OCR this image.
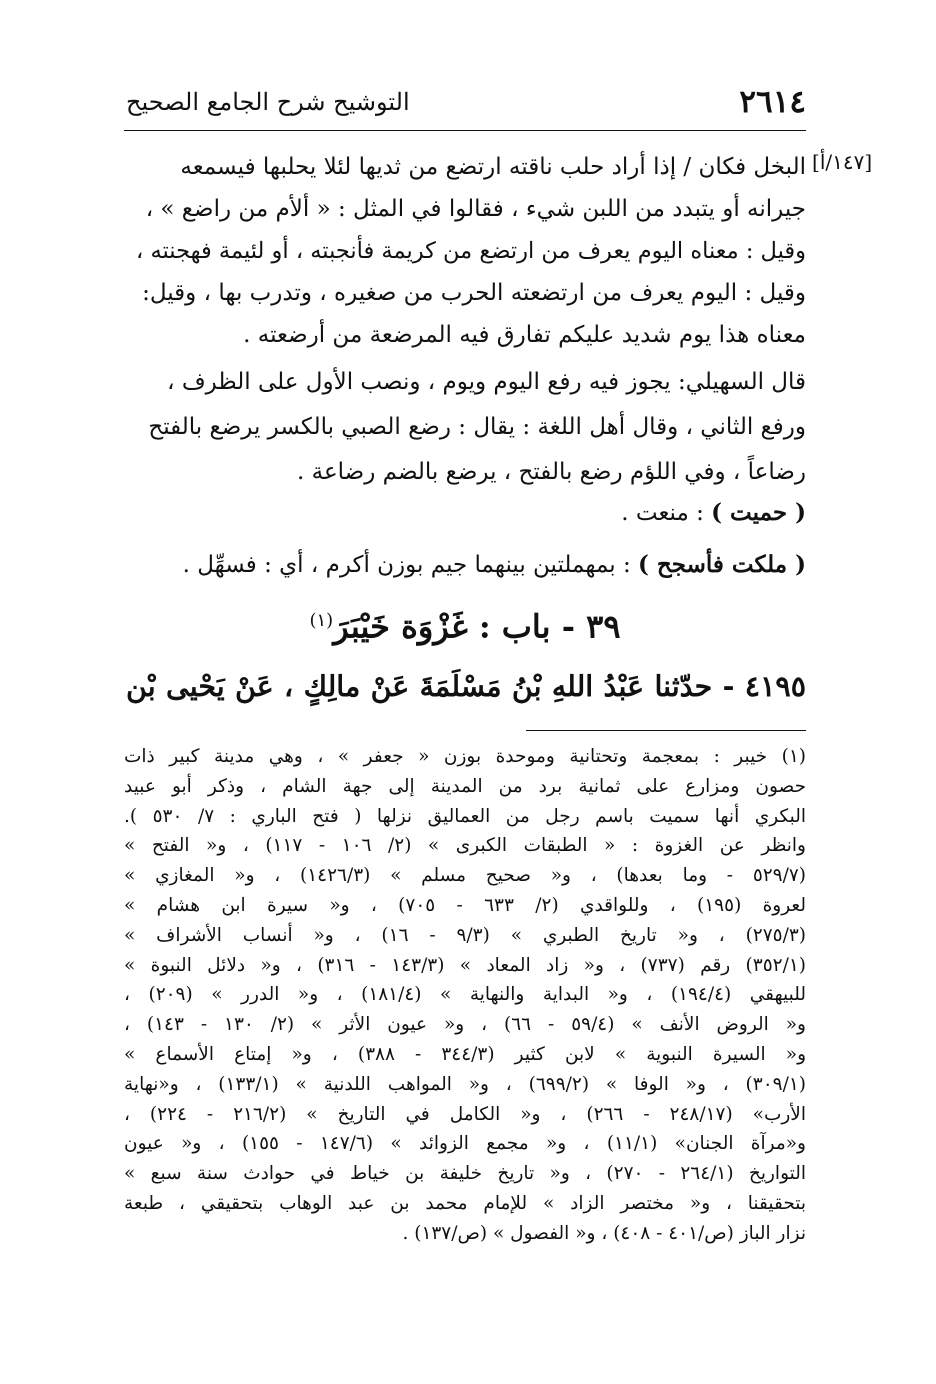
٢٦١٤
التوشيح شرح الجامع الصحيح
[١٤٧/أ]
البخل فكان / إذا أراد حلب ناقته ارتضع من ثديها لئلا يحلبها فيسمعه
جيرانه أو يتبدد من اللبن شيء ، فقالوا في المثل : « ألأم من راضع » ،
وقيل : معناه اليوم يعرف من ارتضع من كريمة فأنجبته ، أو لئيمة فهجنته ،
وقيل : اليوم يعرف من ارتضعته الحرب من صغيره ، وتدرب بها ، وقيل:
معناه هذا يوم شديد عليكم تفارق فيه المرضعة من أرضعته .
قال السهيلي: يجوز فيه رفع اليوم ويوم ، ونصب الأول على الظرف ،
ورفع الثاني ، وقال أهل اللغة : يقال : رضع الصبي بالكسر يرضع بالفتح
رضاعاً ، وفي اللؤم رضع بالفتح ، يرضع بالضم رضاعة .
( حميت ) : منعت .
( ملكت فأسجح ) : بمهملتين بينهما جيم بوزن أكرم ، أي : فسهِّل .
٣٩ - باب : غَزْوَة خَيْبَرَ$^{(١)}$
٤١٩٥ - حدّثنا عَبْدُ اللهِ بْنُ مَسْلَمَةَ عَنْ مالِكٍ ، عَنْ يَحْيى بْن
(١) خيبر : بمعجمة وتحتانية وموحدة بوزن « جعفر » ، وهي مدينة كبير ذات
حصون ومزارع على ثمانية برد من المدينة إلى جهة الشام ، وذكر أبو عبيد
البكري أنها سميت باسم رجل من العماليق نزلها ( فتح الباري : ٧/ ٥٣٠ ).
وانظر عن الغزوة : « الطبقات الكبرى » (٢/ ١٠٦ - ١١٧) ، و« الفتح »
(٥٢٩/٧ - وما بعدها) ، و« صحيح مسلم » (١٤٢٦/٣) ، و« المغازي »
لعروة (١٩٥) ، وللواقدي (٢/ ٦٣٣ - ٧٠٥) ، و« سيرة ابن هشام »
(٢٧٥/٣) ، و« تاريخ الطبري » (٩/٣ - ١٦) ، و« أنساب الأشراف »
(٣٥٢/١) رقم (٧٣٧) ، و« زاد المعاد » (١٤٣/٣ - ٣١٦) ، و« دلائل النبوة »
للبيهقي (١٩٤/٤) ، و« البداية والنهاية » (١٨١/٤) ، و« الدرر » (٢٠٩) ،
و« الروض الأنف » (٥٩/٤ - ٦٦) ، و« عيون الأثر » (٢/ ١٣٠ - ١٤٣) ،
و« السيرة النبوية » لابن كثير (٣٤٤/٣ - ٣٨٨) ، و« إمتاع الأسماع »
(٣٠٩/١) ، و« الوفا » (٦٩٩/٢) ، و« المواهب اللدنية » (١٣٣/١) ، و«نهاية
الأرب» (٢٤٨/١٧ - ٢٦٦) ، و« الكامل في التاريخ » (٢١٦/٢ - ٢٢٤) ،
و«مرآة الجنان» (١١/١) ، و« مجمع الزوائد » (١٤٧/٦ - ١٥٥) ، و« عيون
التواريخ (٢٦٤/١ - ٢٧٠) ، و« تاريخ خليفة بن خياط في حوادث سنة سبع »
بتحقيقنا ، و« مختصر الزاد » للإمام محمد بن عبد الوهاب بتحقيقي ، طبعة
نزار الباز (ص/٤٠١ - ٤٠٨) ، و« الفصول » (ص/١٣٧) .
